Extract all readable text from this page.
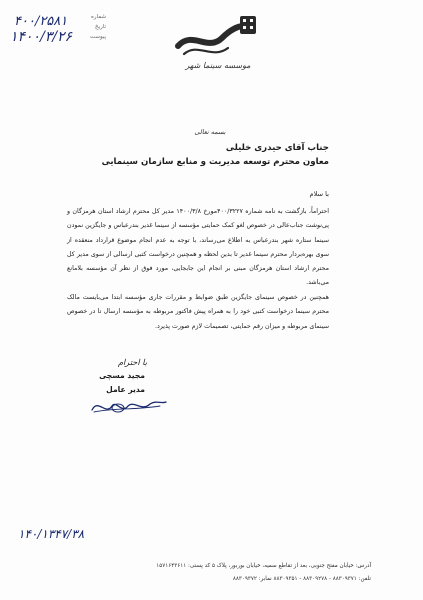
شماره
تاریخ
پیوست
۴۰۰/۲۵۸۱
۱۴۰۰/۳/۲۶
موسسه سینما شهر
بسمه تعالی
جناب آقای حیدری خلیلی
معاون محترم توسعه مدیریت و منابع سازمان سینمایی
با سلام
احتراماً، بازگشت به نامه شماره ۴۰۰/۳۲۲۷مورخ ۱۴۰۰/۳/۸ مدیر کل محترم ارشاد استان هرمزگان و پی‌نوشت جناب‌عالی در خصوص لغو کمک حمایتی مؤسسه از سینما غدیر بندرعباس و جایگزین نمودن سینما ستاره شهر بندرعباس به اطلاع می‌رساند، با توجه به عدم انجام موضوع قرارداد منعقده از سوی بهره‌بردار محترم سینما غدیر تا بدین لحظه و همچنین درخواست کتبی ارسالی از سوی مدیر کل محترم ارشاد استان هرمزگان مبنی بر انجام این جابجایی، مورد فوق از نظر آن مؤسسه بلامانع می‌باشد.
همچنین در خصوص سینمای جایگزین طبق ضوابط و مقررات جاری مؤسسه ابتدا می‌بایست مالک محترم سینما درخواست کتبی خود را به همراه پیش فاکتور مربوطه به مؤسسه ارسال تا در خصوص سینمای مربوطه و میزان رقم حمایتی، تصمیمات لازم صورت پذیرد.
با احترام
مجید مسچی
مدیر عامل
۱۴۰/۱۳۴۷/۳۸
آدرس: خیابان مفتح جنوبی، بعد از تقاطع سمیه، خیابان بوربور، پلاک ۵ کد پستی: ۱۵۷۱۶۴۳۶۱۱
تلفن: ۸۸۳۰۹۳۷۱ - ۸۸۳۰۹۲۷۸ - ۸۸۳۰۹۳۵۱ نمابر: ۸۸۳۰۹۳۷۲
